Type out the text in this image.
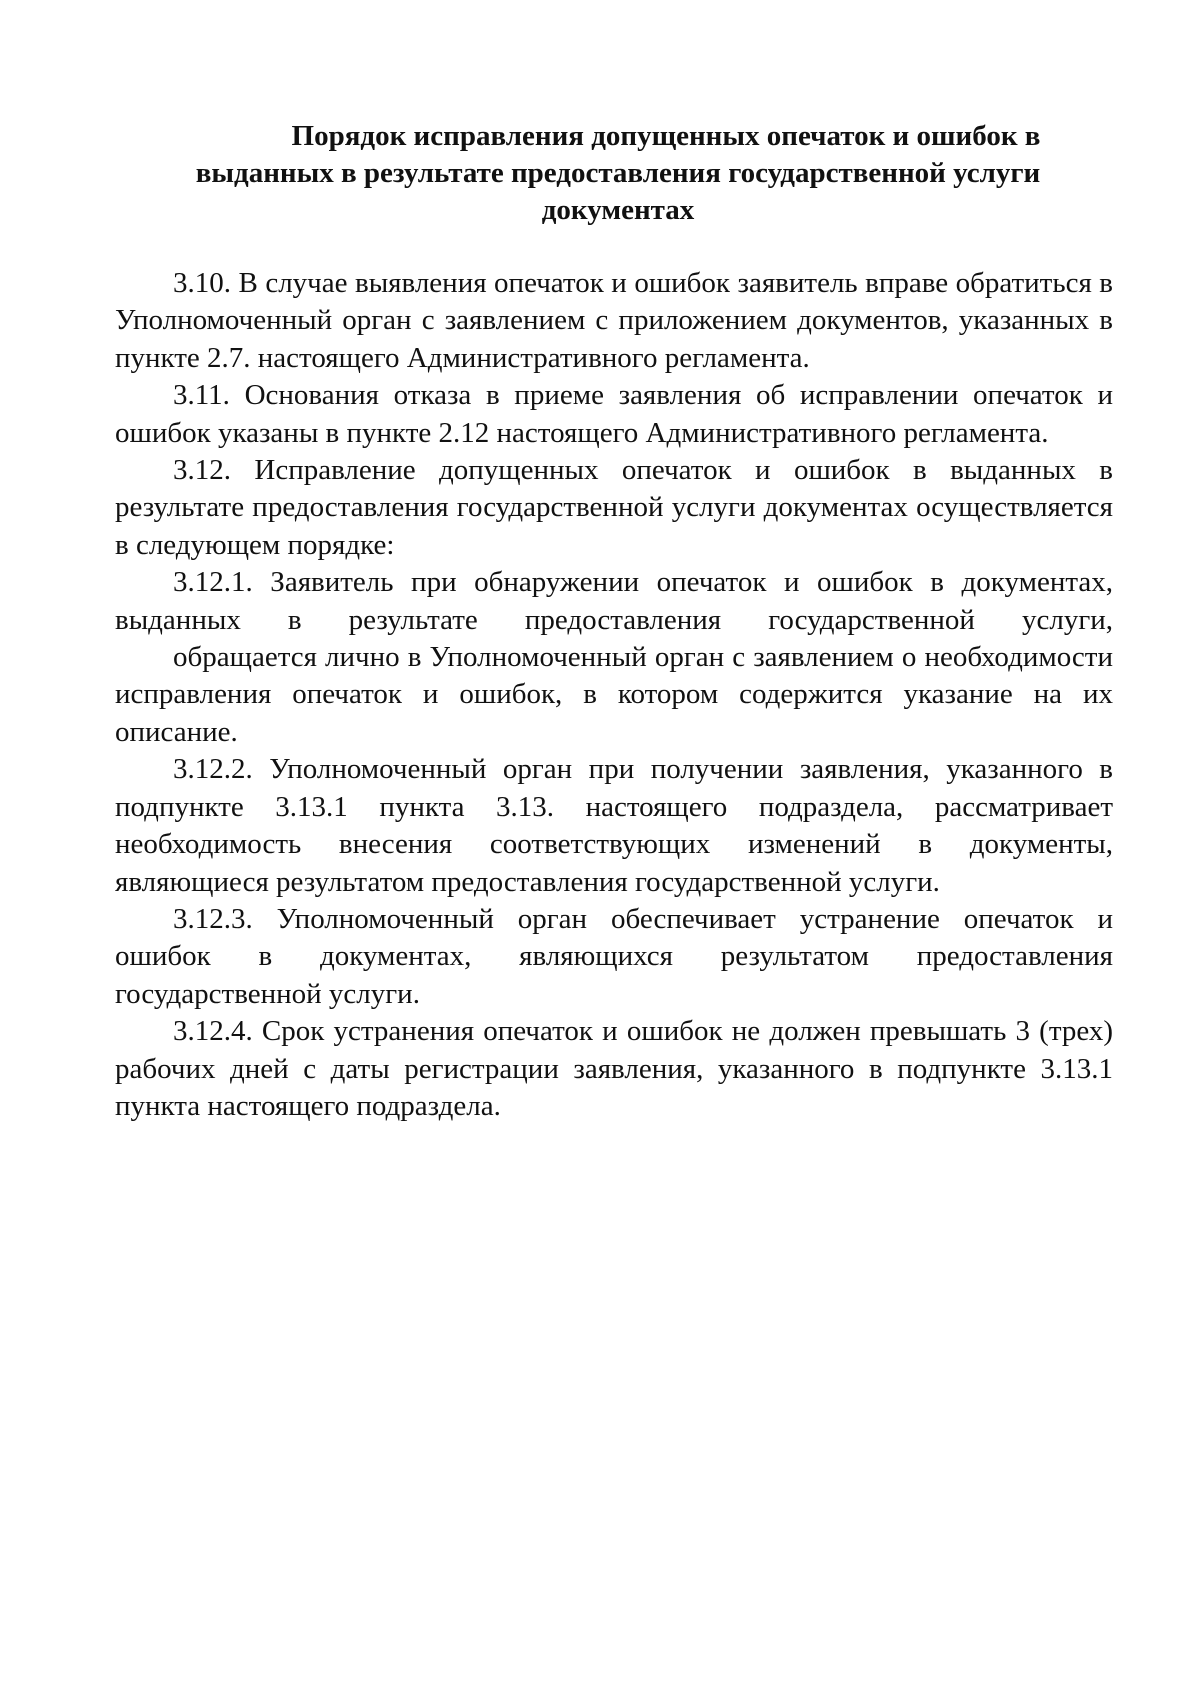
Порядок исправления допущенных опечаток и ошибок в
выданных в результате предоставления государственной услуги
документах

3.10. В случае выявления опечаток и ошибок заявитель вправе обратиться в Уполномоченный орган с заявлением с приложением документов, указанных в пункте 2.7. настоящего Административного регламента.

3.11. Основания отказа в приеме заявления об исправлении опечаток и ошибок указаны в пункте 2.12 настоящего Административного регламента.

3.12. Исправление допущенных опечаток и ошибок в выданных в результате предоставления государственной услуги документах осуществляется в следующем порядке:

3.12.1. Заявитель при обнаружении опечаток и ошибок в документах, выданных в результате предоставления государственной услуги,

обращается лично в Уполномоченный орган с заявлением о необходимости исправления опечаток и ошибок, в котором содержится указание на их описание.

3.12.2. Уполномоченный орган при получении заявления, указанного в подпункте 3.13.1 пункта 3.13. настоящего подраздела, рассматривает необходимость внесения соответствующих изменений в документы, являющиеся результатом предоставления государственной услуги.

3.12.3. Уполномоченный орган обеспечивает устранение опечаток и ошибок в документах, являющихся результатом предоставления государственной услуги.

3.12.4. Срок устранения опечаток и ошибок не должен превышать 3 (трех) рабочих дней с даты регистрации заявления, указанного в подпункте 3.13.1 пункта настоящего подраздела.
